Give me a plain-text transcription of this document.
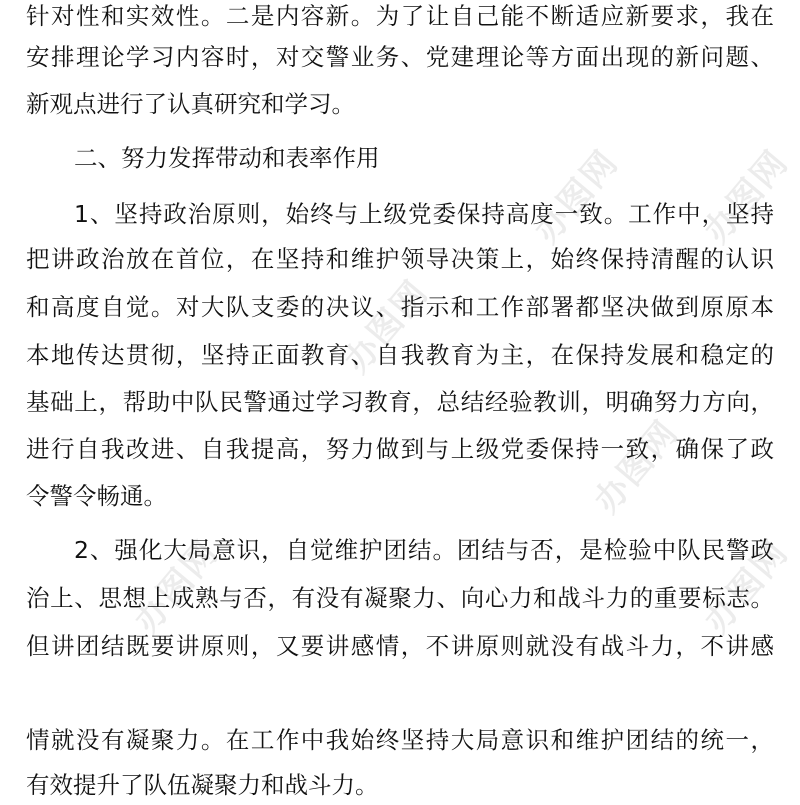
办图网 办图网
办图网
办图网
办图网	办图网
针对性和实效性。二是内容新。为了让自己能不断适应新要求，我在
安排理论学习内容时，对交警业务、党建理论等方面出现的新问题、
新观点进行了认真研究和学习。
二、努力发挥带动和表率作用
1、坚持政治原则，始终与上级党委保持高度一致。工作中，坚持
把讲政治放在首位，在坚持和维护领导决策上，始终保持清醒的认识
和高度自觉。对大队支委的决议、指示和工作部署都坚决做到原原本
本地传达贯彻，坚持正面教育、自我教育为主，在保持发展和稳定的
基础上，帮助中队民警通过学习教育，总结经验教训，明确努力方向，
进行自我改进、自我提高，努力做到与上级党委保持一致，确保了政
令警令畅通。
2、强化大局意识，自觉维护团结。团结与否，是检验中队民警政
治上、思想上成熟与否，有没有凝聚力、向心力和战斗力的重要标志。
但讲团结既要讲原则，又要讲感情，不讲原则就没有战斗力，不讲感
情就没有凝聚力。在工作中我始终坚持大局意识和维护团结的统一，
有效提升了队伍凝聚力和战斗力。
